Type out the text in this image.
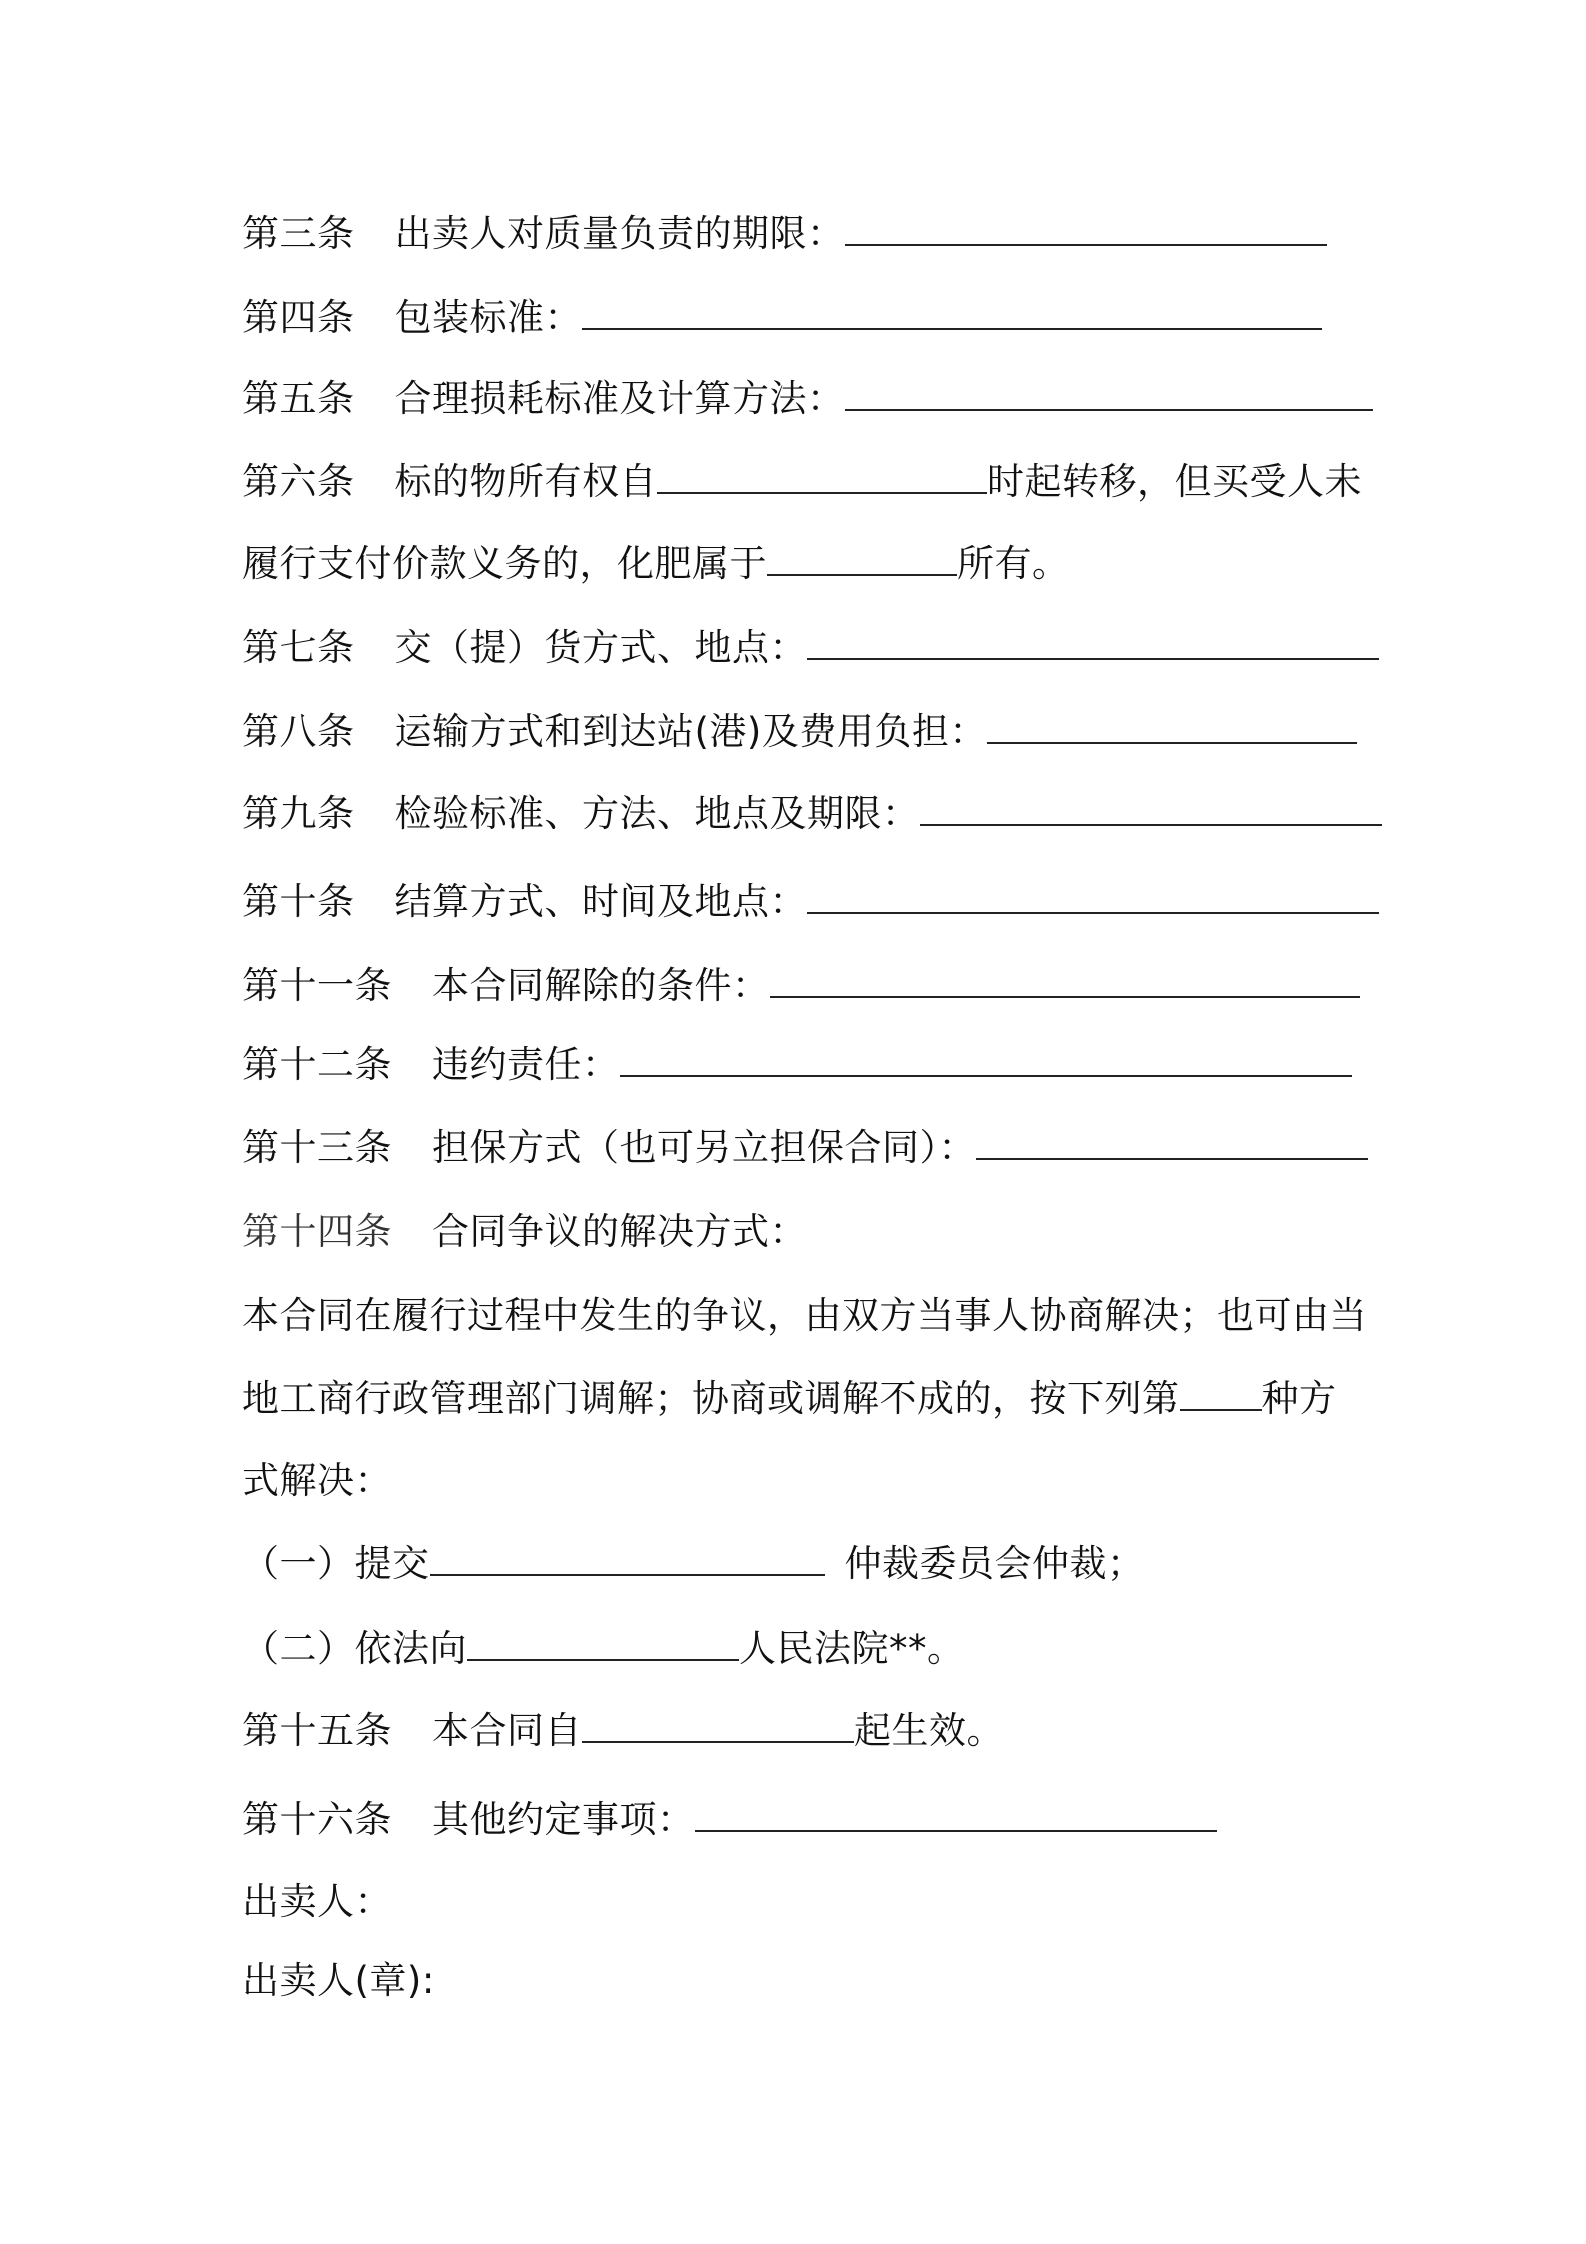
第三条 出卖人对质量负责的期限：
第四条 包装标准：
第五条 合理损耗标准及计算方法：
第六条 标的物所有权自	时起转移，但买受人未
履行支付价款义务的，化肥属于	所有。
第七条 交（提）货方式、地点：
第八条 运输方式和到达站(港)及费用负担：
第九条 检验标准、方法、地点及期限：
第十条 结算方式、时间及地点：
第十一条 本合同解除的条件：
第十二条 违约责任：
第十三条 担保方式（也可另立担保合同）：
第十四条 合同争议的解决方式：
本合同在履行过程中发生的争议，由双方当事人协商解决；也可由当
地工商行政管理部门调解；协商或调解不成的，按下列第 种方
式解决：
（一）提交	仲裁委员会仲裁；
（二）依法向	人民法院**。
第十五条 本合同自	起生效。
第十六条 其他约定事项：
出卖人：
出卖人(章):
